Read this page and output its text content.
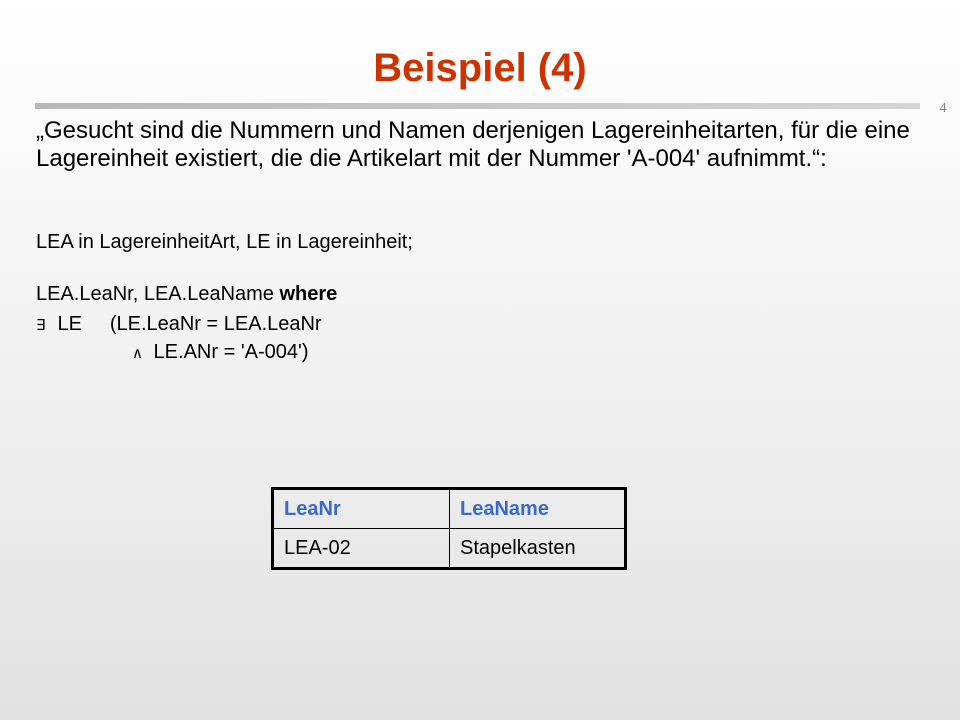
Beispiel (4)
4
„Gesucht sind die Nummern und Namen derjenigen Lagereinheitarten, für die eine Lagereinheit existiert, die die Artikelart mit der Nummer 'A-004' aufnimmt.“:
LEA in LagereinheitArt, LE in Lagereinheit;
LEA.LeaNr, LEA.LeaName where
∃ LE     (LE.LeaNr = LEA.LeaNr
∧ LE.ANr = 'A-004')
LeaNr	LeaName
LEA-02	Stapelkasten
